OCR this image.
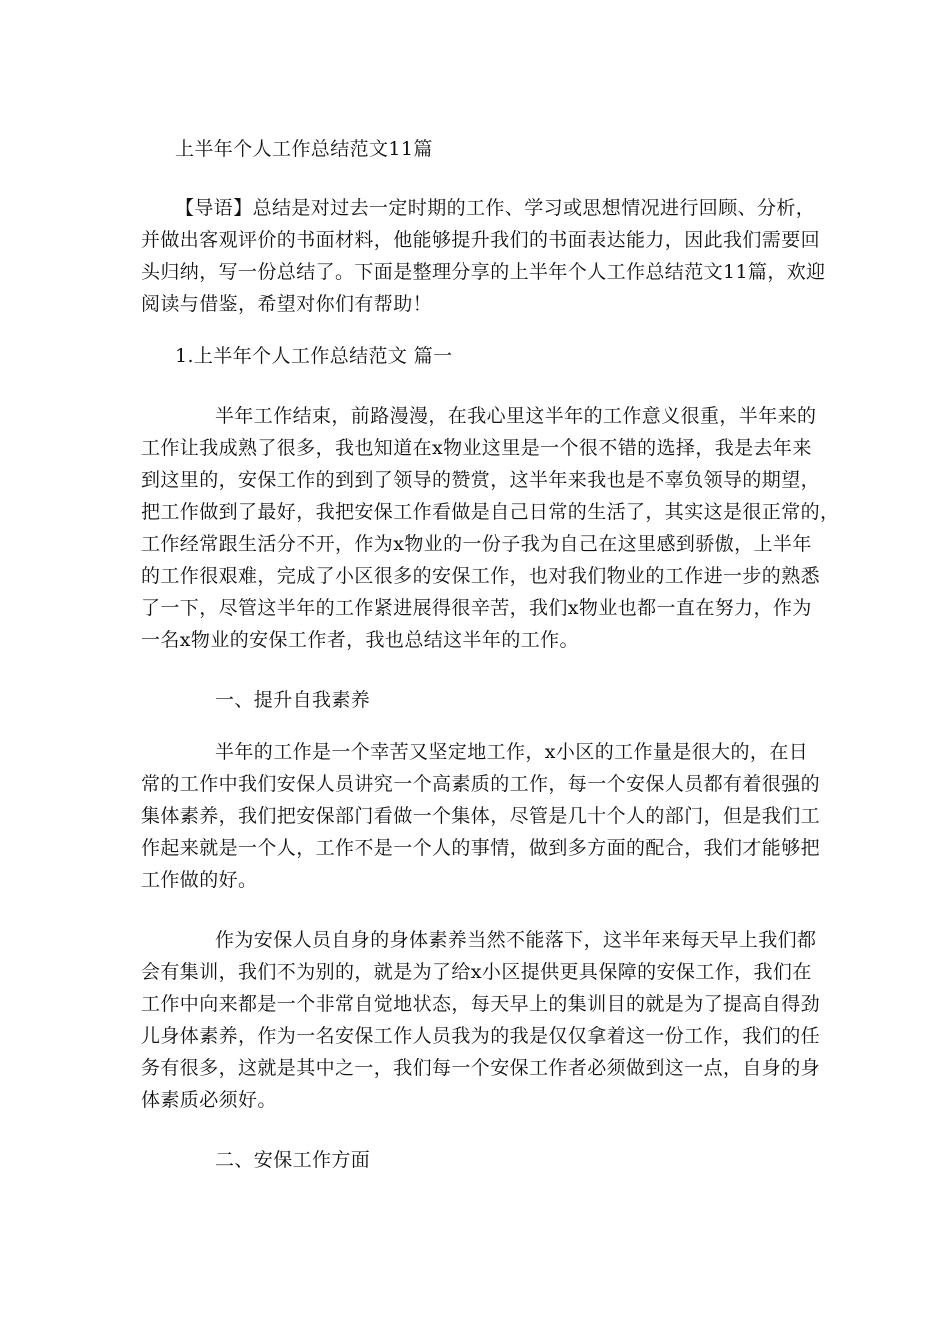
上半年个人工作总结范文11篇
【导语】总结是对过去一定时期的工作、学习或思想情况进行回顾、分析，
并做出客观评价的书面材料，他能够提升我们的书面表达能力，因此我们需要回
头归纳，写一份总结了。下面是整理分享的上半年个人工作总结范文11篇，欢迎
阅读与借鉴，希望对你们有帮助！
1.上半年个人工作总结范文 篇一
半年工作结束，前路漫漫，在我心里这半年的工作意义很重，半年来的
工作让我成熟了很多，我也知道在x物业这里是一个很不错的选择，我是去年来
到这里的，安保工作的到到了领导的赞赏，这半年来我也是不辜负领导的期望，
把工作做到了最好，我把安保工作看做是自己日常的生活了，其实这是很正常的，
工作经常跟生活分不开，作为x物业的一份子我为自己在这里感到骄傲，上半年
的工作很艰难，完成了小区很多的安保工作，也对我们物业的工作进一步的熟悉
了一下，尽管这半年的工作紧进展得很辛苦，我们x物业也都一直在努力，作为
一名x物业的安保工作者，我也总结这半年的工作。
一、提升自我素养
半年的工作是一个幸苦又坚定地工作，x小区的工作量是很大的，在日
常的工作中我们安保人员讲究一个高素质的工作，每一个安保人员都有着很强的
集体素养，我们把安保部门看做一个集体，尽管是几十个人的部门，但是我们工
作起来就是一个人，工作不是一个人的事情，做到多方面的配合，我们才能够把
工作做的好。
作为安保人员自身的身体素养当然不能落下，这半年来每天早上我们都
会有集训，我们不为别的，就是为了给x小区提供更具保障的安保工作，我们在
工作中向来都是一个非常自觉地状态，每天早上的集训目的就是为了提高自得劲
儿身体素养，作为一名安保工作人员我为的我是仅仅拿着这一份工作，我们的任
务有很多，这就是其中之一，我们每一个安保工作者必须做到这一点，自身的身
体素质必须好。
二、安保工作方面
